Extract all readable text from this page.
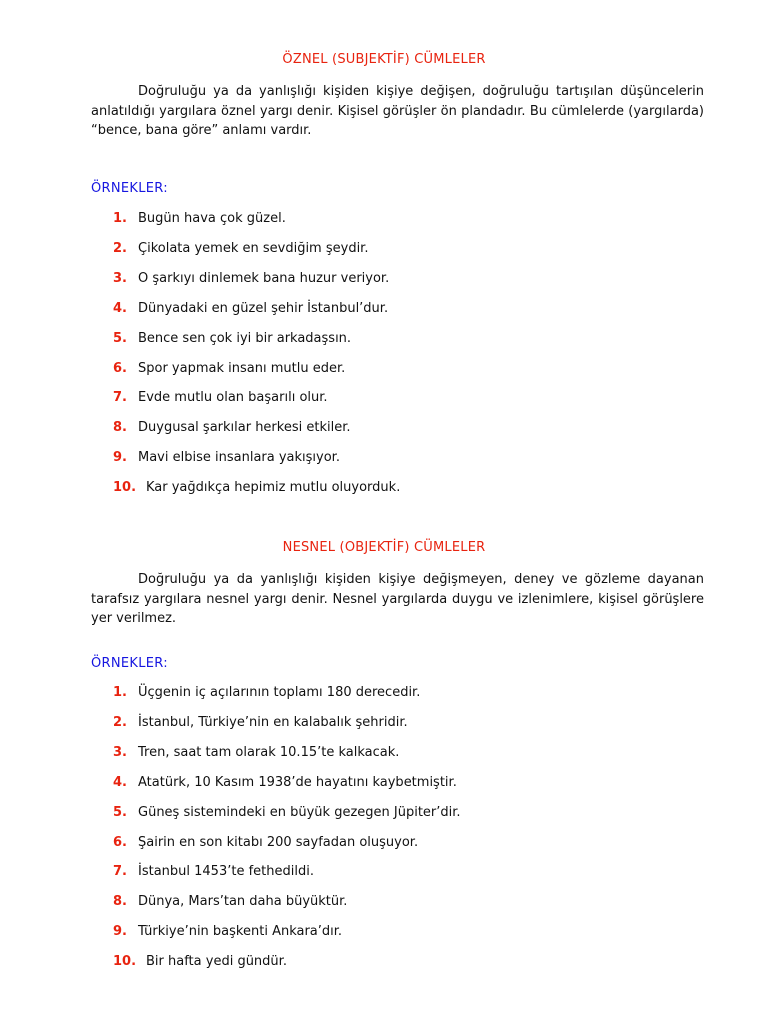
ÖZNEL (SUBJEKTİF) CÜMLELER
Doğruluğu ya da yanlışlığı kişiden kişiye değişen, doğruluğu tartışılan düşüncelerin anlatıldığı yargılara öznel yargı denir. Kişisel görüşler ön plandadır. Bu cümlelerde (yargılarda) “bence, bana göre” anlamı vardır.
ÖRNEKLER:
1. Bugün hava çok güzel.
2. Çikolata yemek en sevdiğim şeydir.
3. O şarkıyı dinlemek bana huzur veriyor.
4. Dünyadaki en güzel şehir İstanbul’dur.
5. Bence sen çok iyi bir arkadaşsın.
6. Spor yapmak insanı mutlu eder.
7. Evde mutlu olan başarılı olur.
8. Duygusal şarkılar herkesi etkiler.
9. Mavi elbise insanlara yakışıyor.
10. Kar yağdıkça hepimiz mutlu oluyorduk.
NESNEL (OBJEKTİF) CÜMLELER
Doğruluğu ya da yanlışlığı kişiden kişiye değişmeyen, deney ve gözleme dayanan tarafsız yargılara nesnel yargı denir. Nesnel yargılarda duygu ve izlenimlere, kişisel görüşlere yer verilmez.
ÖRNEKLER:
1. Üçgenin iç açılarının toplamı 180 derecedir.
2. İstanbul, Türkiye’nin en kalabalık şehridir.
3. Tren, saat tam olarak 10.15’te kalkacak.
4. Atatürk, 10 Kasım 1938’de hayatını kaybetmiştir.
5. Güneş sistemindeki en büyük gezegen Jüpiter’dir.
6. Şairin en son kitabı 200 sayfadan oluşuyor.
7. İstanbul 1453’te fethedildi.
8. Dünya, Mars’tan daha büyüktür.
9. Türkiye’nin başkenti Ankara’dır.
10. Bir hafta yedi gündür.
